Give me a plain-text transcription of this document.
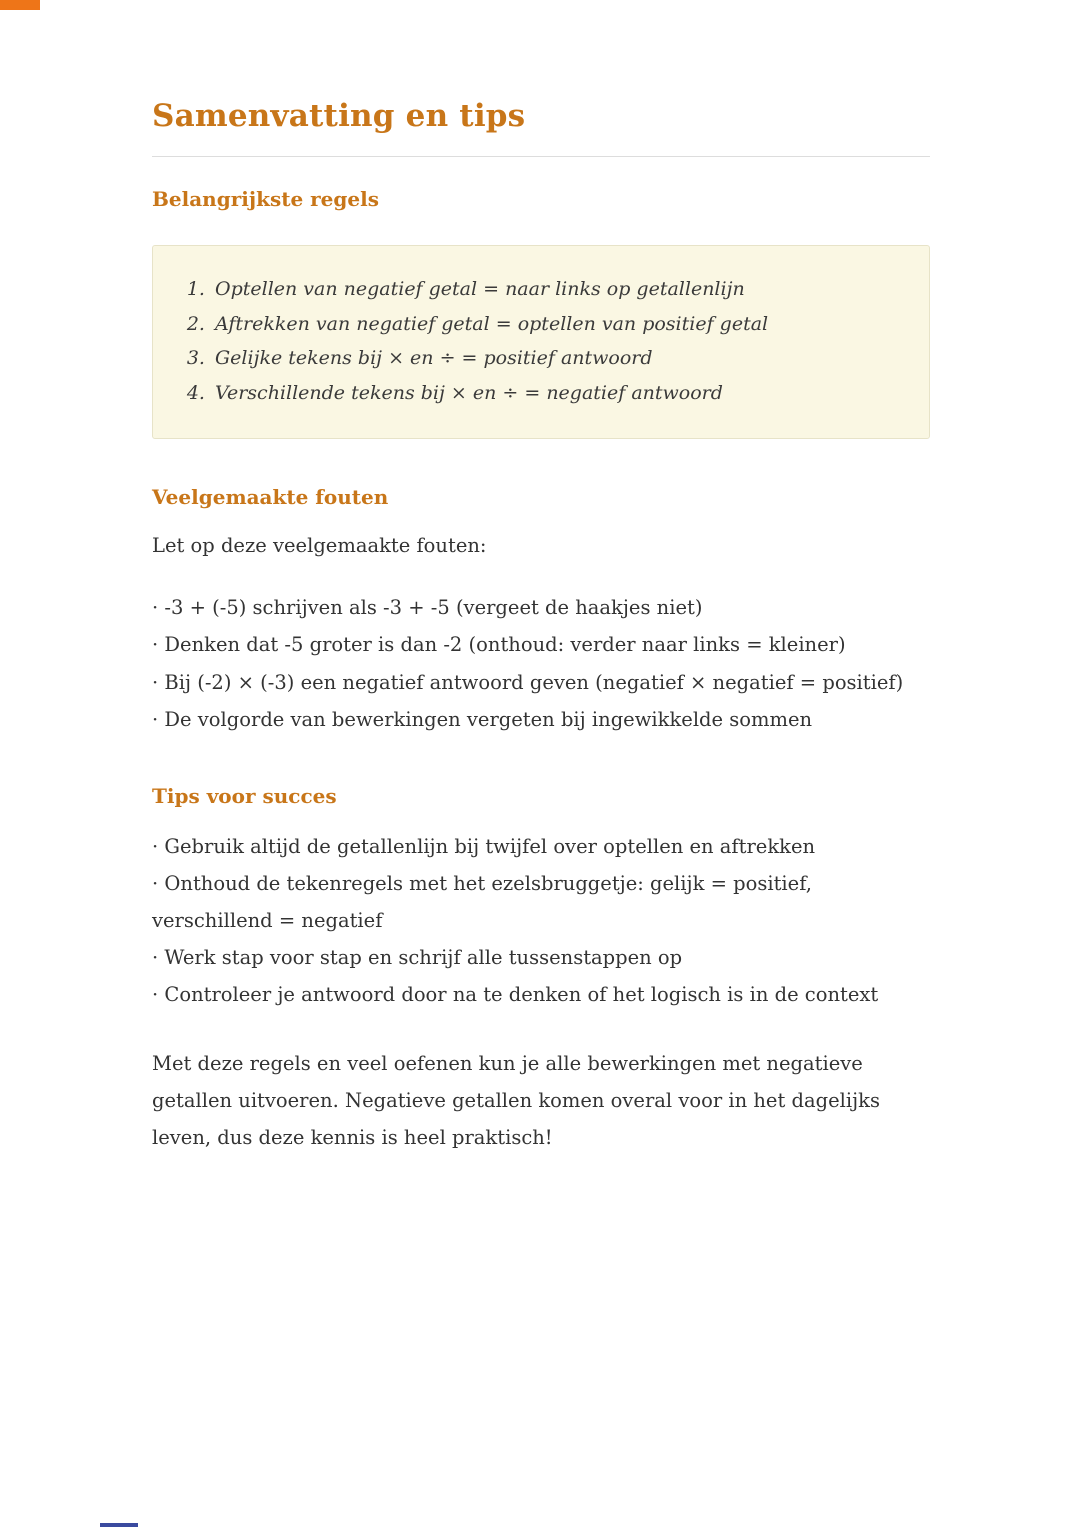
Samenvatting en tips
Belangrijkste regels
1. Optellen van negatief getal = naar links op getallenlijn
2. Aftrekken van negatief getal = optellen van positief getal
3. Gelijke tekens bij × en ÷ = positief antwoord
4. Verschillende tekens bij × en ÷ = negatief antwoord
Veelgemaakte fouten

Let op deze veelgemaakte fouten:

· -3 + (-5) schrijven als -3 + -5 (vergeet de haakjes niet)
· Denken dat -5 groter is dan -2 (onthoud: verder naar links = kleiner)
· Bij (-2) × (-3) een negatief antwoord geven (negatief × negatief = positief)
· De volgorde van bewerkingen vergeten bij ingewikkelde sommen
Tips voor succes
· Gebruik altijd de getallenlijn bij twijfel over optellen en aftrekken
· Onthoud de tekenregels met het ezelsbruggetje: gelijk = positief, verschillend = negatief
· Werk stap voor stap en schrijf alle tussenstappen op
· Controleer je antwoord door na te denken of het logisch is in de context

Met deze regels en veel oefenen kun je alle bewerkingen met negatieve getallen uitvoeren. Negatieve getallen komen overal voor in het dagelijks leven, dus deze kennis is heel praktisch!
